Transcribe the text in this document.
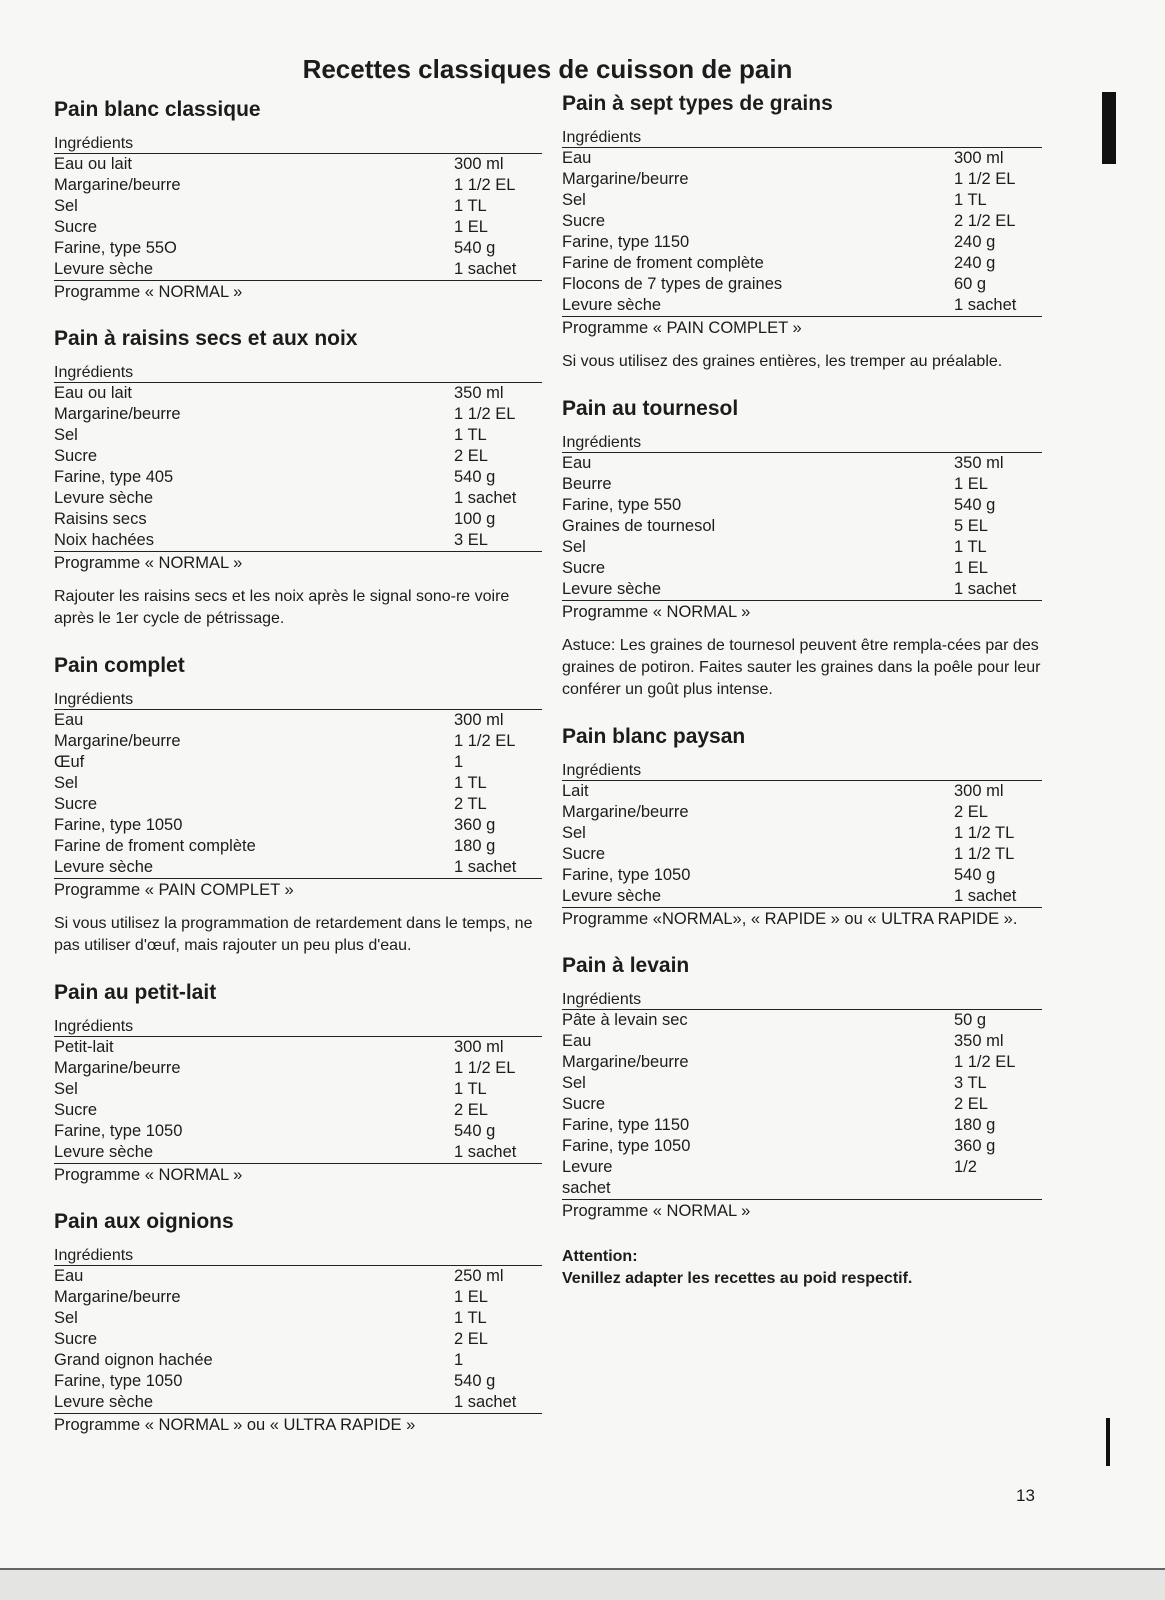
Recettes classiques de cuisson de pain
Pain blanc classique
Ingrédients
Eau ou lait	300 ml
Margarine/beurre	1 1/2 EL
Sel	1 TL
Sucre	1 EL
Farine, type 55O	540 g
Levure sèche	1 sachet
Programme « NORMAL »
Pain à raisins secs et aux noix
Ingrédients
Eau ou lait	350 ml
Margarine/beurre	1 1/2 EL
Sel	1 TL
Sucre	2 EL
Farine, type 405	540 g
Levure sèche	1 sachet
Raisins secs	100 g
Noix hachées	3 EL
Programme « NORMAL »
Rajouter les raisins secs et les noix après le signal sono-re voire après le 1er cycle de pétrissage.
Pain complet
Ingrédients
Eau	300 ml
Margarine/beurre	1 1/2 EL
Œuf	1
Sel	1 TL
Sucre	2 TL
Farine, type 1050	360 g
Farine de froment complète	180 g
Levure sèche	1 sachet
Programme « PAIN COMPLET »
Si vous utilisez la programmation de retardement dans le temps, ne pas utiliser d'œuf, mais rajouter un peu plus d'eau.
Pain au petit-lait
Ingrédients
Petit-lait	300 ml
Margarine/beurre	1 1/2 EL
Sel	1 TL
Sucre	2 EL
Farine, type 1050	540 g
Levure sèche	1 sachet
Programme « NORMAL »
Pain aux oignions
Ingrédients
Eau	250 ml
Margarine/beurre	1 EL
Sel	1 TL
Sucre	2 EL
Grand oignon hachée	1
Farine, type 1050	540 g
Levure sèche	1 sachet
Programme « NORMAL » ou « ULTRA RAPIDE »
Pain à sept types de grains
Ingrédients
Eau	300 ml
Margarine/beurre	1 1/2 EL
Sel	1 TL
Sucre	2 1/2 EL
Farine, type 1150	240 g
Farine de froment complète	240 g
Flocons de 7 types de graines	60 g
Levure sèche	1 sachet
Programme « PAIN COMPLET »
Si vous utilisez des graines entières, les tremper au préalable.
Pain au tournesol
Ingrédients
Eau	350 ml
Beurre	1 EL
Farine, type 550	540 g
Graines de tournesol	5 EL
Sel	1 TL
Sucre	1 EL
Levure sèche	1 sachet
Programme « NORMAL »
Astuce: Les graines de tournesol peuvent être rempla-cées par des graines de potiron. Faites sauter les graines dans la poêle pour leur conférer un goût plus intense.
Pain blanc paysan
Ingrédients
Lait	300 ml
Margarine/beurre	2 EL
Sel	1 1/2 TL
Sucre	1 1/2 TL
Farine, type 1050	540 g
Levure sèche	1 sachet
Programme «NORMAL», « RAPIDE » ou « ULTRA RAPIDE ».
Pain à levain
Ingrédients
Pâte à levain sec	50 g
Eau	350 ml
Margarine/beurre	1 1/2 EL
Sel	3 TL
Sucre	2 EL
Farine, type 1150	180 g
Farine, type 1050	360 g
Levure	1/2
sachet
Programme « NORMAL »
Attention:
Venillez adapter les recettes au poid respectif.
13
